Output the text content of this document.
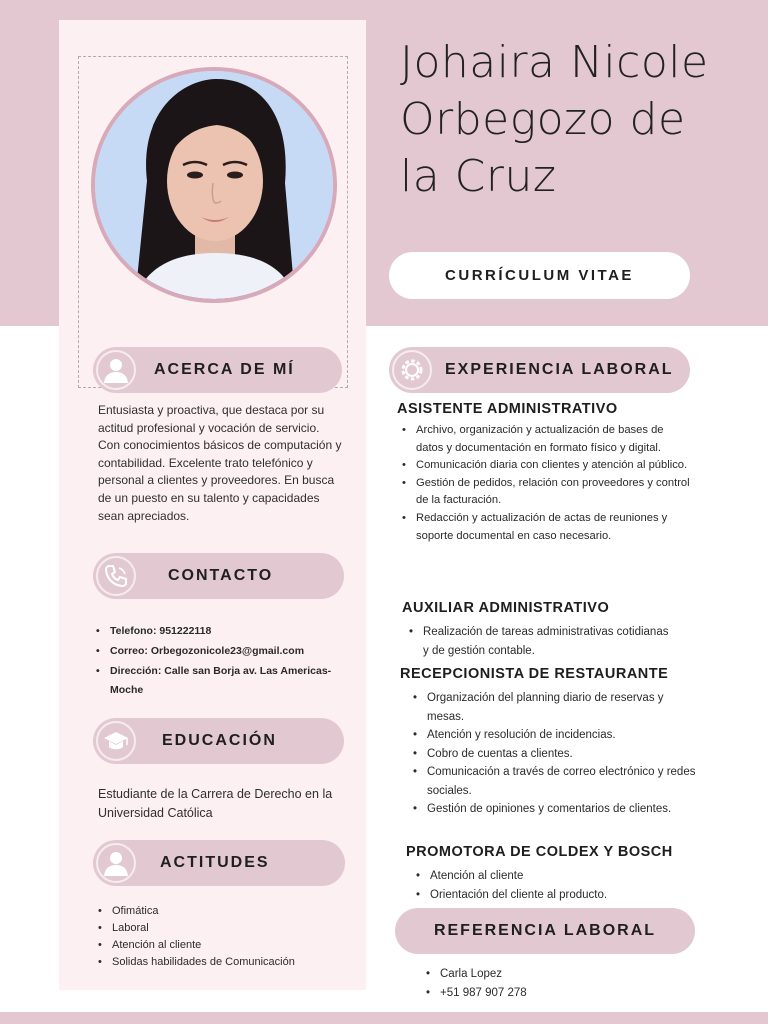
Johaira Nicole Orbegozo de la Cruz
CURRÍCULUM VITAE
ACERCA DE MÍ
Entusiasta y proactiva, que destaca por su actitud profesional y vocación de servicio. Con conocimientos básicos de computación y contabilidad. Excelente trato telefónico y personal a clientes y proveedores. En busca de un puesto en su talento y capacidades sean apreciados.
CONTACTO
• Telefono: 951222118
• Correo: Orbegozonicole23@gmail.com
• Dirección: Calle san Borja av. Las Americas-Moche
EDUCACIÓN
Estudiante de la Carrera de Derecho en la Universidad Católica
ACTITUDES
• Ofimática
• Laboral
• Atención al cliente
• Solidas habilidades de Comunicación
EXPERIENCIA LABORAL
ASISTENTE ADMINISTRATIVO
• Archivo, organización y actualización de bases de datos y documentación en formato físico y digital.
• Comunicación diaria con clientes y atención al público.
• Gestión de pedidos, relación con proveedores y control de la facturación.
• Redacción y actualización de actas de reuniones y soporte documental en caso necesario.
AUXILIAR ADMINISTRATIVO
• Realización de tareas administrativas cotidianas y de gestión contable.
RECEPCIONISTA DE RESTAURANTE
• Organización del planning diario de reservas y mesas.
• Atención y resolución de incidencias.
• Cobro de cuentas a clientes.
• Comunicación a través de correo electrónico y redes sociales.
• Gestión de opiniones y comentarios de clientes.
PROMOTORA DE COLDEX Y BOSCH
• Atención al cliente
• Orientación del cliente al producto.
REFERENCIA LABORAL
• Carla Lopez
• +51 987 907 278
